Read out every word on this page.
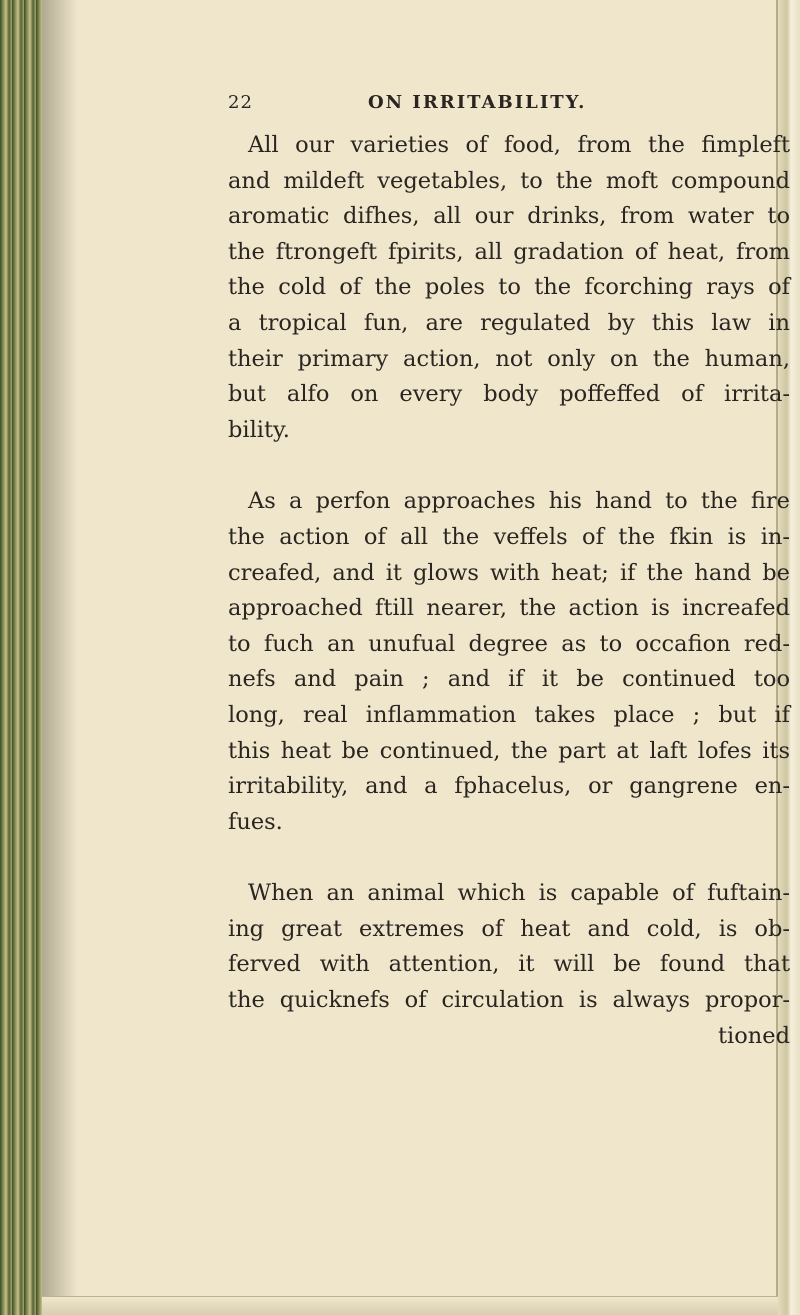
22	ON IRRITABILITY.

All our varieties of food, from the fimpleft
and mildeft vegetables, to the moft compound
aromatic difhes, all our drinks, from water to
the ftrongeft fpirits, all gradation of heat, from
the cold of the poles to the fcorching rays of
a tropical fun, are regulated by this law in
their primary action, not only on the human,
but alfo on every body poffeffed of irrita-
bility.

As a perfon approaches his hand to the fire
the action of all the veffels of the fkin is in-
creafed, and it glows with heat; if the hand be
approached ftill nearer, the action is increafed
to fuch an unufual degree as to occafion red-
nefs and pain ; and if it be continued too
long, real inflammation takes place ; but if
this heat be continued, the part at laft lofes its
irritability, and a fphacelus, or gangrene en-
fues.

When an animal which is capable of fuftain-
ing great extremes of heat and cold, is ob-
ferved with attention, it will be found that
the quicknefs of circulation is always propor-

tioned
